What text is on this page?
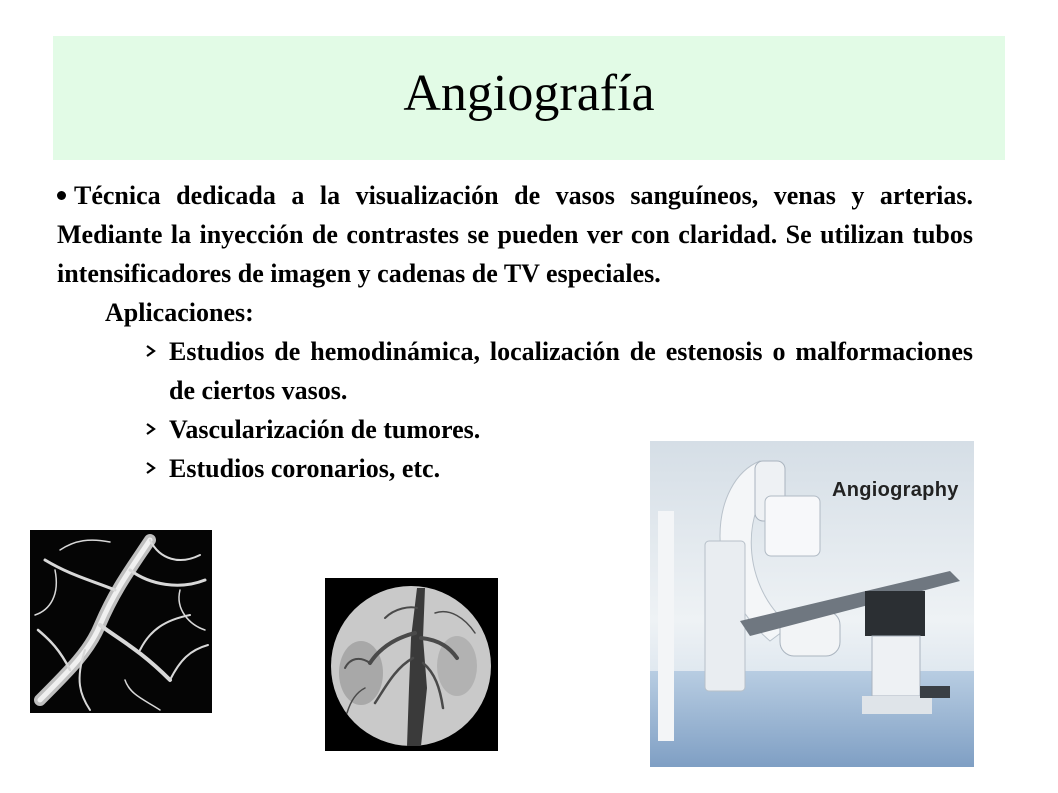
Angiografía

Técnica dedicada a la visualización de vasos sanguíneos, venas y arterias. Mediante la inyección de contrastes se pueden ver con claridad. Se utilizan tubos intensificadores de imagen y cadenas de TV especiales.

Aplicaciones:

Estudios de hemodinámica, localización de estenosis o malformaciones de ciertos vasos.
Vascularización de tumores.
Estudios coronarios, etc.
Angiography
